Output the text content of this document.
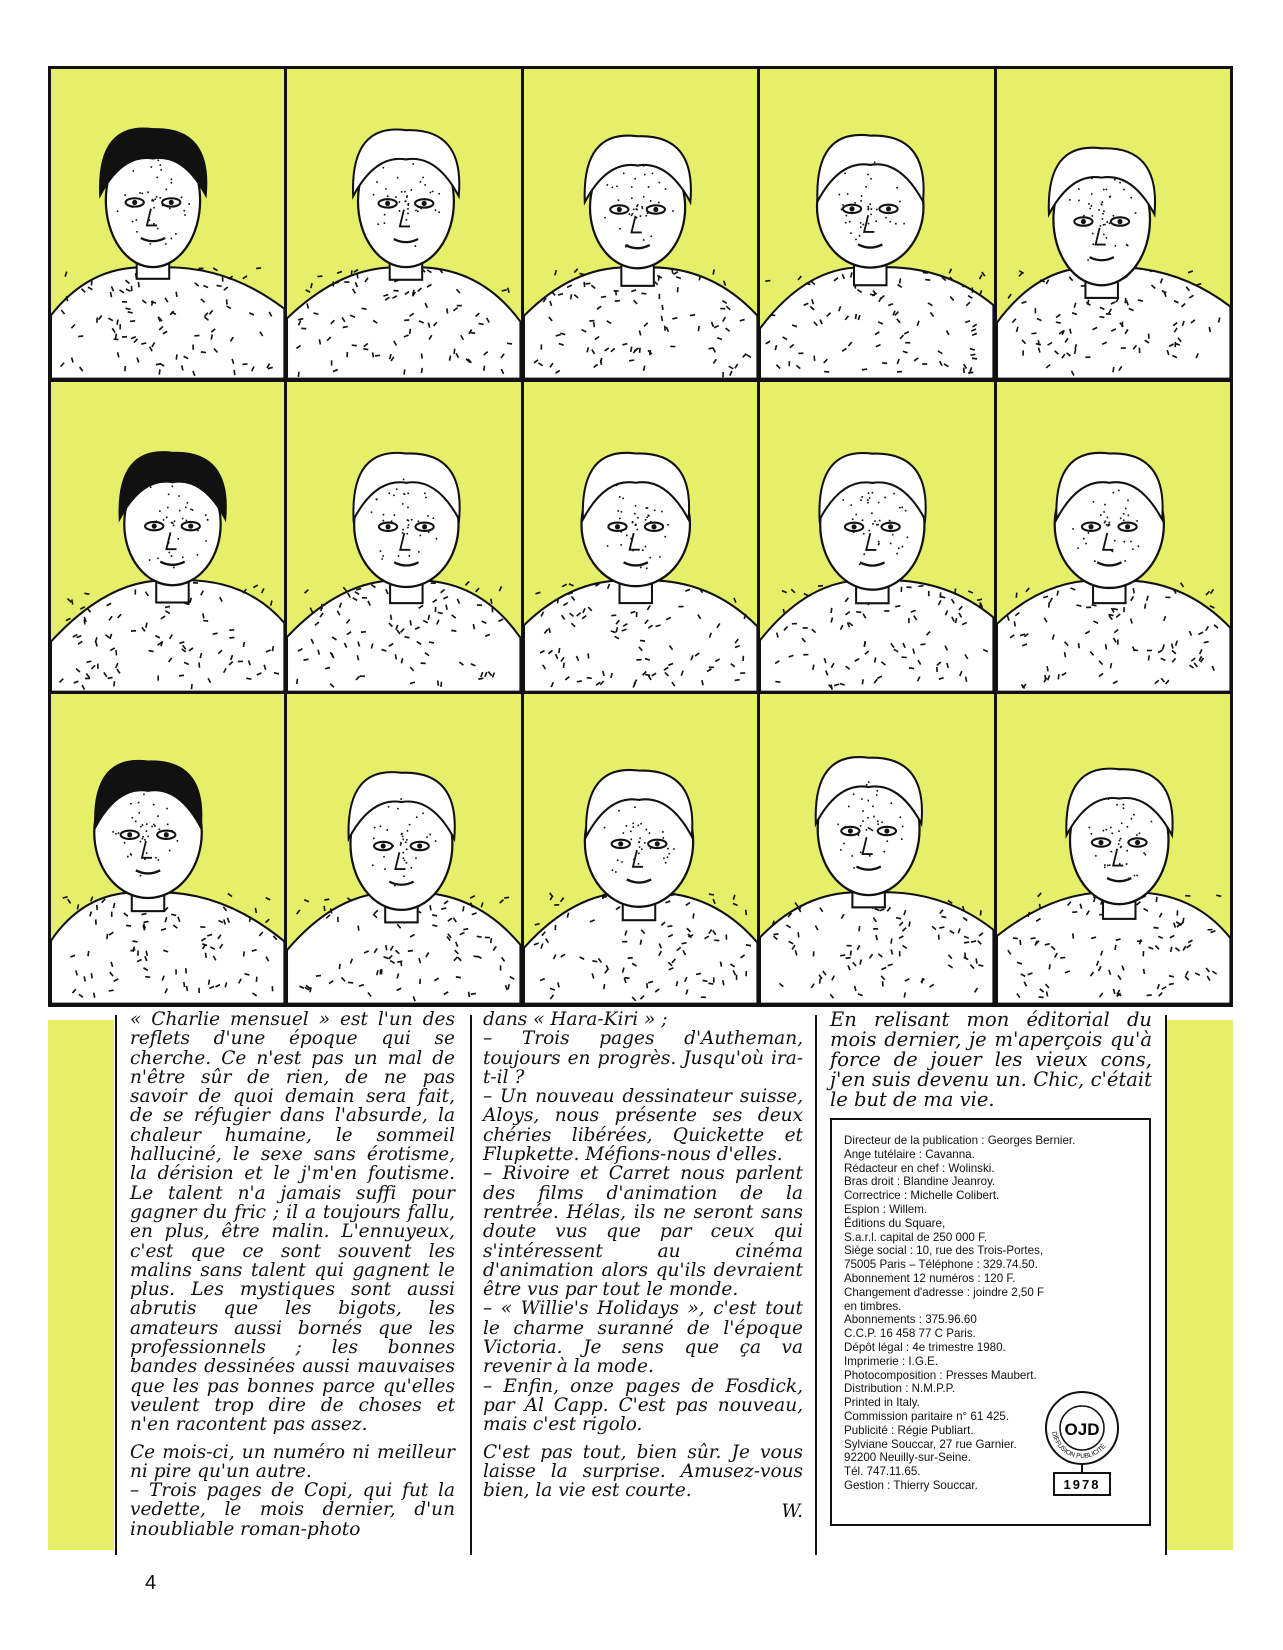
« Charlie mensuel » est l'un des reflets d'une époque qui se cherche. Ce n'est pas un mal de n'être sûr de rien, de ne pas savoir de quoi demain sera fait, de se réfugier dans l'absurde, la chaleur humaine, le sommeil halluciné, le sexe sans érotisme, la dérision et le j'm'en foutisme. Le talent n'a jamais suffi pour gagner du fric ; il a toujours fallu, en plus, être malin. L'ennuyeux, c'est que ce sont souvent les malins sans talent qui gagnent le plus. Les mystiques sont aussi abrutis que les bigots, les amateurs aussi bornés que les professionnels ; les bonnes bandes dessinées aussi mauvaises que les pas bonnes parce qu'elles veulent trop dire de choses et n'en racontent pas assez.

Ce mois-ci, un numéro ni meilleur ni pire qu'un autre.

– Trois pages de Copi, qui fut la vedette, le mois dernier, d'un inoubliable roman-photo

dans « Hara-Kiri » ;

– Trois pages d'Autheman, toujours en progrès. Jusqu'où ira-t-il ?

– Un nouveau dessinateur suisse, Aloys, nous présente ses deux chéries libérées, Quickette et Flupkette. Méfions-nous d'elles.

– Rivoire et Carret nous parlent des films d'animation de la rentrée. Hélas, ils ne seront sans doute vus que par ceux qui s'intéressent au cinéma d'animation alors qu'ils devraient être vus par tout le monde.

– « Willie's Holidays », c'est tout le charme suranné de l'époque Victoria. Je sens que ça va revenir à la mode.

– Enfin, onze pages de Fosdick, par Al Capp. C'est pas nouveau, mais c'est rigolo.

C'est pas tout, bien sûr. Je vous laisse la surprise. Amusez-vous bien, la vie est courte.

W.

En relisant mon éditorial du mois dernier, je m'aperçois qu'à force de jouer les vieux cons, j'en suis devenu un. Chic, c'était le but de ma vie.

Directeur de la publication : Georges Bernier.
Ange tutélaire : Cavanna.
Rédacteur en chef : Wolinski.
Bras droit : Blandine Jeanroy.
Correctrice : Michelle Colibert.
Espion : Willem.
Éditions du Square,
S.a.r.l. capital de 250 000 F.
Siège social : 10, rue des Trois-Portes,
75005 Paris – Téléphone : 329.74.50.
Abonnement 12 numéros : 120 F.
Changement d'adresse : joindre 2,50 F
en timbres.
Abonnements : 375.96.60
C.C.P. 16 458 77 C Paris.
Dépôt légal : 4e trimestre 1980.
Imprimerie : I.G.E.
Photocomposition : Presses Maubert.
Distribution : N.M.P.P.
Printed in Italy.
Commission paritaire n° 61 425.
Publicité : Régie Publiart.
Sylviane Souccar, 27 rue Garnier.
92200 Neuilly-sur-Seine.
Tél. 747.11.65.
Gestion : Thierry Souccar.
OJD
DIFFUSION PUBLICITÉ
1978
4
